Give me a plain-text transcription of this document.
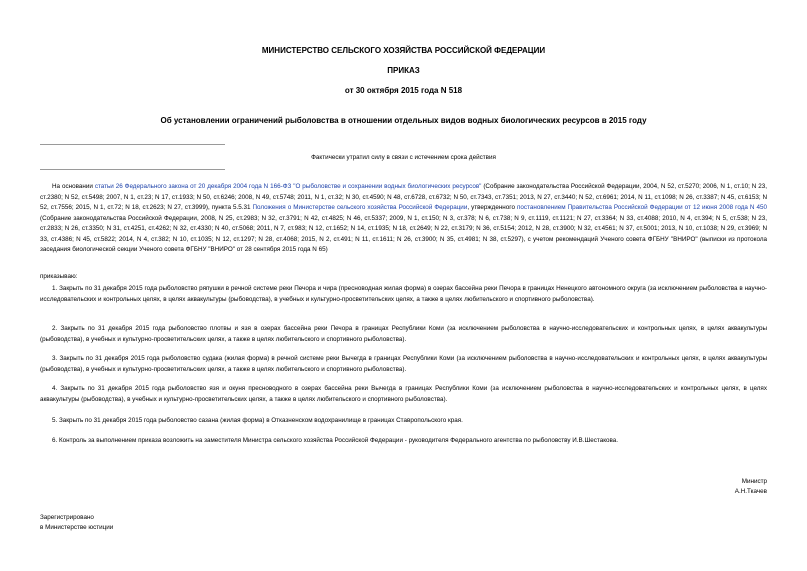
МИНИСТЕРСТВО СЕЛЬСКОГО ХОЗЯЙСТВА РОССИЙСКОЙ ФЕДЕРАЦИИ
ПРИКАЗ
от 30 октября 2015 года N 518
Об установлении ограничений рыболовства в отношении отдельных видов водных биологических ресурсов в 2015 году
Фактически утратил силу в связи с истечением срока действия
На основании статьи 26 Федерального закона от 20 декабря 2004 года N 166-ФЗ "О рыболовстве и сохранении водных биологических ресурсов" (Собрание законодательства Российской Федерации, 2004, N 52, ст.5270; 2006, N 1, ст.10; N 23, ст.2380; N 52, ст.5498; 2007, N 1, ст.23; N 17, ст.1933; N 50, ст.6246; 2008, N 49, ст.5748; 2011, N 1, ст.32; N 30, ст.4590; N 48, ст.6728, ст.6732; N 50, ст.7343, ст.7351; 2013, N 27, ст.3440; N 52, ст.6961; 2014, N 11, ст.1098; N 26, ст.3387; N 45, ст.6153; N 52, ст.7556; 2015, N 1, ст.72; N 18, ст.2623; N 27, ст.3999), пункта 5.5.31 Положения о Министерстве сельского хозяйства Российской Федерации, утвержденного постановлением Правительства Российской Федерации от 12 июня 2008 года N 450 (Собрание законодательства Российской Федерации, 2008, N 25, ст.2983; N 32, ст.3791; N 42, ст.4825; N 46, ст.5337; 2009, N 1, ст.150; N 3, ст.378; N 6, ст.738; N 9, ст.1119, ст.1121; N 27, ст.3364; N 33, ст.4088; 2010, N 4, ст.394; N 5, ст.538; N 23, ст.2833; N 26, ст.3350; N 31, ст.4251, ст.4262; N 32, ст.4330; N 40, ст.5068; 2011, N 7, ст.983; N 12, ст.1652; N 14, ст.1935; N 18, ст.2649; N 22, ст.3179; N 36, ст.5154; 2012, N 28, ст.3900; N 32, ст.4561; N 37, ст.5001; 2013, N 10, ст.1038; N 29, ст.3969; N 33, ст.4386; N 45, ст.5822; 2014, N 4, ст.382; N 10, ст.1035; N 12, ст.1297; N 28, ст.4068; 2015, N 2, ст.491; N 11, ст.1611; N 26, ст.3900; N 35, ст.4981; N 38, ст.5297), с учетом рекомендаций Ученого совета ФГБНУ "ВНИРО" (выписки из протокола заседания биологической секции Ученого совета ФГБНУ "ВНИРО" от 28 сентября 2015 года N 65)
приказываю:
1. Закрыть по 31 декабря 2015 года рыболовство ряпушки в речной системе реки Печора и чира (пресноводная жилая форма) в озерах бассейна реки Печора в границах Ненецкого автономного округа (за исключением рыболовства в научно-исследовательских и контрольных целях, в целях аквакультуры (рыбоводства), в учебных и культурно-просветительских целях, а также в целях любительского и спортивного рыболовства).
2. Закрыть по 31 декабря 2015 года рыболовство плотвы и язя в озерах бассейна реки Печора в границах Республики Коми (за исключением рыболовства в научно-исследовательских и контрольных целях, в целях аквакультуры (рыбоводства), в учебных и культурно-просветительских целях, а также в целях любительского и спортивного рыболовства).
3. Закрыть по 31 декабря 2015 года рыболовство судака (жилая форма) в речной системе реки Вычегда в границах Республики Коми (за исключением рыболовства в научно-исследовательских и контрольных целях, в целях аквакультуры (рыбоводства), в учебных и культурно-просветительских целях, а также в целях любительского и спортивного рыболовства).
4. Закрыть по 31 декабря 2015 года рыболовство язя и окуня пресноводного в озерах бассейна реки Вычегда в границах Республики Коми (за исключением рыболовства в научно-исследовательских и контрольных целях, в целях аквакультуры (рыбоводства), в учебных и культурно-просветительских целях, а также в целях любительского и спортивного рыболовства).
5. Закрыть по 31 декабря 2015 года рыболовство сазана (жилая форма) в Отказненском водохранилище в границах Ставропольского края.
6. Контроль за выполнением приказа возложить на заместителя Министра сельского хозяйства Российской Федерации - руководителя Федерального агентства по рыболовству И.В.Шестакова.
Министр
А.Н.Ткачев
Зарегистрировано
в Министерстве юстиции
